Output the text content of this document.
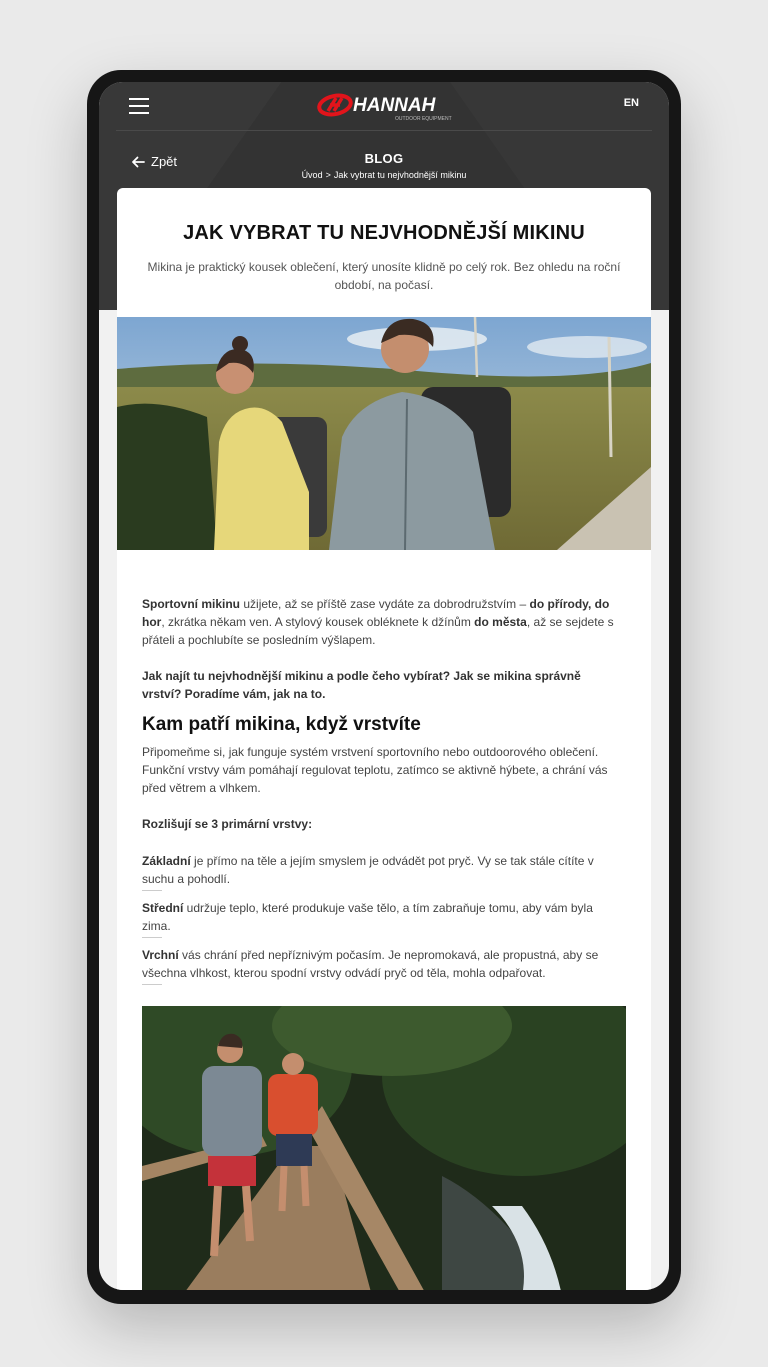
HANNAH
OUTDOOR EQUIPMENT
EN
Zpět	BLOG
Úvod > Jak vybrat tu nejvhodnější mikinu
JAK VYBRAT TU NEJVHODNĚJŠÍ MIKINU
Mikina je praktický kousek oblečení, který unosíte klidně po celý rok. Bez ohledu na roční období, na počasí.
Sportovní mikinu užijete, až se příště zase vydáte za dobrodružstvím – do přírody, do hor, zkrátka někam ven. A stylový kousek obléknete k džínům do města, až se sejdete s přáteli a pochlubíte se posledním výšlapem.
Jak najít tu nejvhodnější mikinu a podle čeho vybírat? Jak se mikina správně vrství? Poradíme vám, jak na to.
Kam patří mikina, když vrstvíte
Připomeňme si, jak funguje systém vrstvení sportovního nebo outdoorového oblečení. Funkční vrstvy vám pomáhají regulovat teplotu, zatímco se aktivně hýbete, a chrání vás před větrem a vlhkem.
Rozlišují se 3 primární vrstvy:
Základní je přímo na těle a jejím smyslem je odvádět pot pryč. Vy se tak stále cítíte v suchu a pohodlí.
Střední udržuje teplo, které produkuje vaše tělo, a tím zabraňuje tomu, aby vám byla zima.
Vrchní vás chrání před nepříznivým počasím. Je nepromokavá, ale propustná, aby se všechna vlhkost, kterou spodní vrstvy odvádí pryč od těla, mohla odpařovat.
